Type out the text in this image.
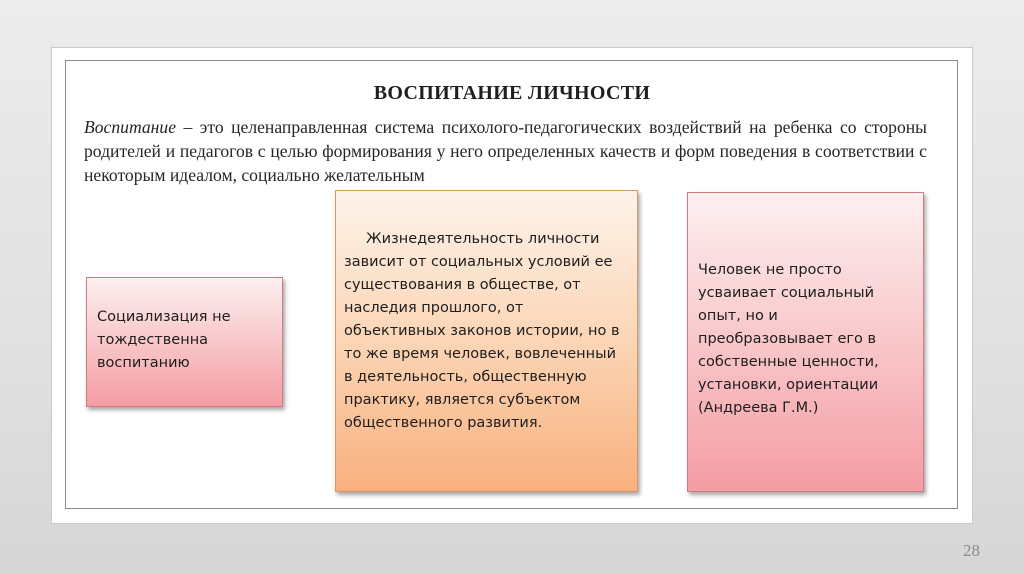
ВОСПИТАНИЕ ЛИЧНОСТИ

Воспитание – это целенаправленная система психолого-педагогических воздействий на ребенка со стороны родителей и педагогов с целью формирования у него определенных качеств и форм поведения в соответствии с некоторым идеалом, социально желательным

Социализация не тождественна воспитанию
Жизнедеятельность личности зависит от социальных условий ее существования в обществе, от наследия прошлого, от объективных законов истории, но в то же время человек, вовлеченный в деятельность, общественную практику, является субъектом общественного развития.
Человек не просто усваивает социальный опыт, но и преобразовывает его в собственные ценности, установки, ориентации (Андреева Г.М.)
28
